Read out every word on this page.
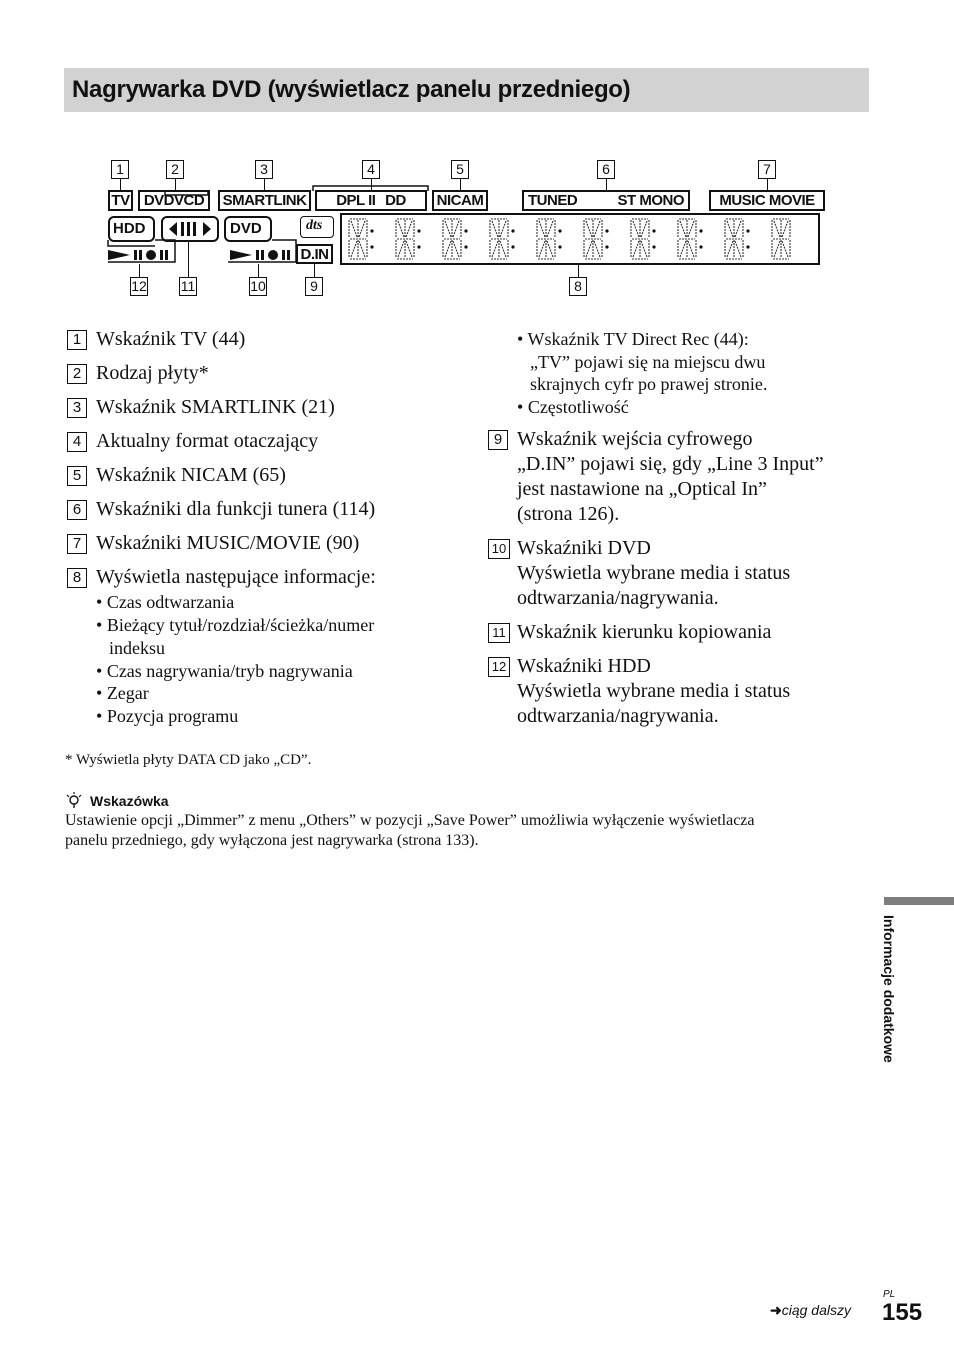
Nagrywarka DVD (wyświetlacz panelu przedniego)
1	2	3	4	5	6	7
8
9
10
11
12
TV DVDVCD	SMARTLINK	DPL II DD	NICAM	TUNED	ST MONO	MUSIC MOVIE
HDD	DVD	dts
D.IN
1 Wskaźnik TV (44)
2 Rodzaj płyty*
3 Wskaźnik SMARTLINK (21)
4 Aktualny format otaczający
5 Wskaźnik NICAM (65)
6 Wskaźniki dla funkcji tunera (114)
7 Wskaźniki MUSIC/MOVIE (90)
8 Wyświetla następujące informacje:
• Czas odtwarzania
• Bieżący tytuł/rozdział/ścieżka/numer
indeksu
• Czas nagrywania/tryb nagrywania
• Zegar
• Pozycja programu
• Wskaźnik TV Direct Rec (44):
„TV” pojawi się na miejscu dwu
skrajnych cyfr po prawej stronie.
• Częstotliwość
9 Wskaźnik wejścia cyfrowego
„D.IN” pojawi się, gdy „Line 3 Input”
jest nastawione na „Optical In”
(strona 126).
10 Wskaźniki DVD
Wyświetla wybrane media i status
odtwarzania/nagrywania.
11 Wskaźnik kierunku kopiowania
12 Wskaźniki HDD
Wyświetla wybrane media i status
odtwarzania/nagrywania.
* Wyświetla płyty DATA CD jako „CD”.
Wskazówka
Ustawienie opcji „Dimmer” z menu „Others” w pozycji „Save Power” umożliwia wyłączenie wyświetlacza
panelu przedniego, gdy wyłączona jest nagrywarka (strona 133).
Informacje dodatkowe
➜ciąg dalszy
PL
155
